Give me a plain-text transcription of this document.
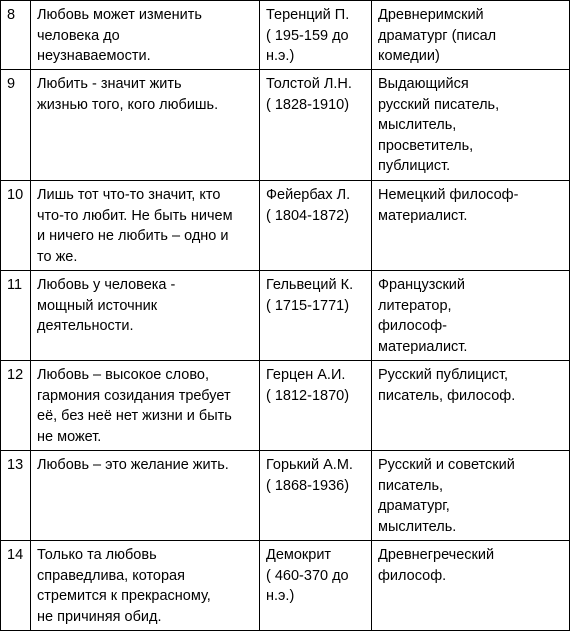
8	Любовь может изменить
человека до
неузнаваемости.	Теренций П.
( 195-159 до
н.э.)	Древнеримский
драматург (писал
комедии)
9	Любить - значит жить
жизнью того, кого любишь.	Толстой Л.Н.
( 1828-1910)	Выдающийся
русский писатель,
мыслитель,
просветитель,
публицист.
10	Лишь тот что-то значит, кто
что-то любит. Не быть ничем
и ничего не любить – одно и
то же.	Фейербах Л.
( 1804-1872)	Немецкий философ-
материалист.
11	Любовь у человека -
мощный источник
деятельности.	Гельвеций К.
( 1715-1771)	Французский
литератор,
философ-
материалист.
12	Любовь – высокое слово,
гармония созидания требует
её, без неё нет жизни и быть
не может.	Герцен А.И.
( 1812-1870)	Русский публицист,
писатель, философ.
13	Любовь – это желание жить.	Горький А.М.
( 1868-1936)	Русский и советский
писатель,
драматург,
мыслитель.
14	Только та любовь
справедлива, которая
стремится к прекрасному,
не причиняя обид.	Демокрит
( 460-370 до
н.э.)	Древнегреческий
философ.
